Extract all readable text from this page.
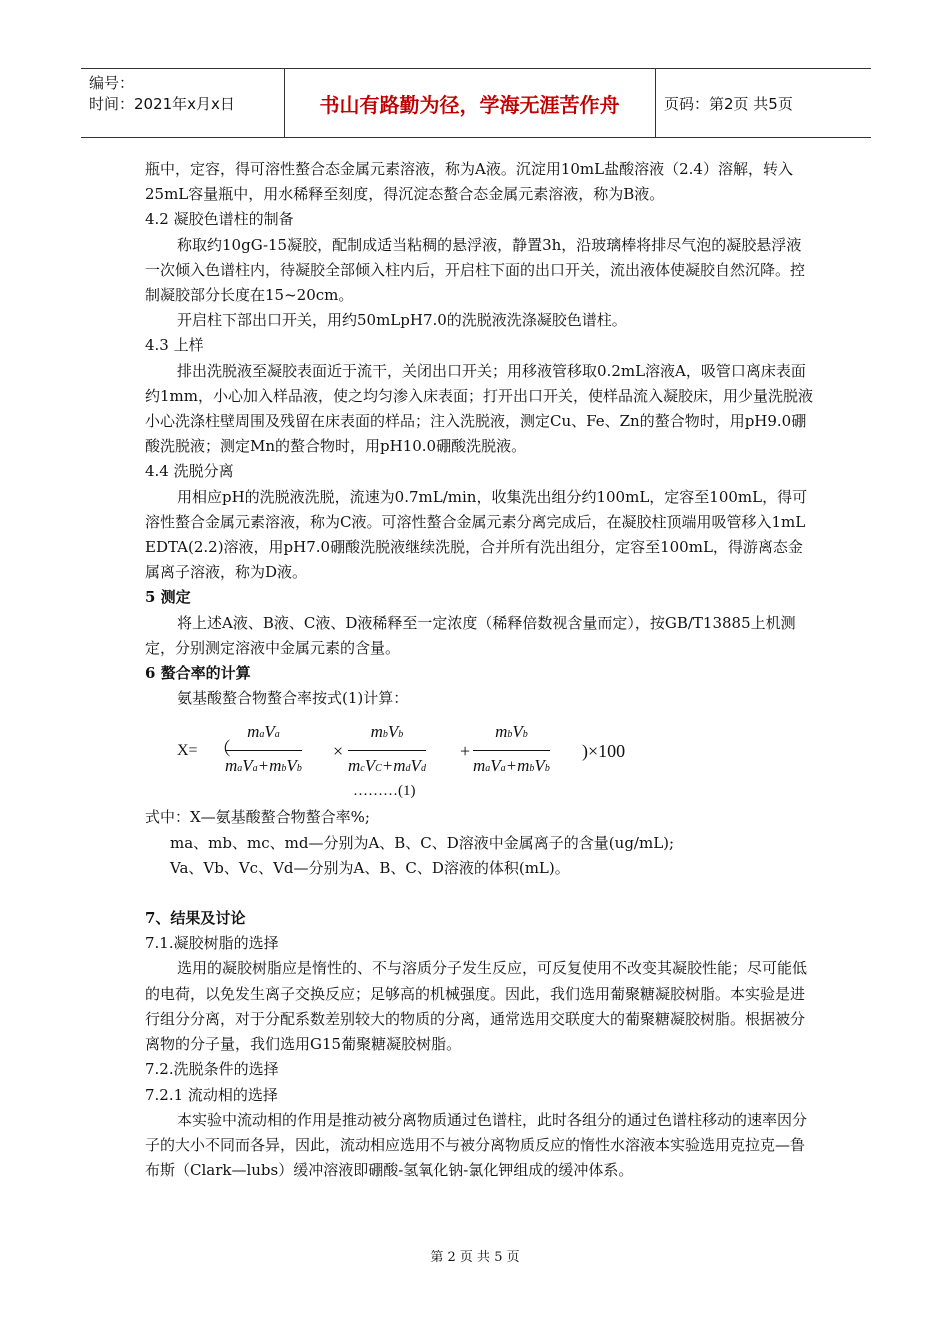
编号：
时间：2021年x月x日	书山有路勤为径，学海无涯苦作舟	页码：第2页 共5页

瓶中，定容，得可溶性螯合态金属元素溶液，称为A液。沉淀用10mL盐酸溶液（2.4）溶解，转入25mL容量瓶中，用水稀释至刻度，得沉淀态螯合态金属元素溶液，称为B液。

4.2 凝胶色谱柱的制备

称取约10gG-15凝胶，配制成适当粘稠的悬浮液，静置3h，沿玻璃棒将排尽气泡的凝胶悬浮液一次倾入色谱柱内，待凝胶全部倾入柱内后，开启柱下面的出口开关，流出液体使凝胶自然沉降。控制凝胶部分长度在15~20cm。

开启柱下部出口开关，用约50mLpH7.0的洗脱液洗涤凝胶色谱柱。

4.3 上样

排出洗脱液至凝胶表面近于流干，关闭出口开关；用移液管移取0.2mL溶液A，吸管口离床表面约1mm，小心加入样品液，使之均匀渗入床表面；打开出口开关，使样品流入凝胶床，用少量洗脱液小心洗涤柱壁周围及残留在床表面的样品；注入洗脱液，测定Cu、Fe、Zn的螯合物时，用pH9.0硼酸洗脱液；测定Mn的螯合物时，用pH10.0硼酸洗脱液。

4.4 洗脱分离

用相应pH的洗脱液洗脱，流速为0.7mL/min，收集洗出组分约100mL，定容至100mL，得可溶性螯合金属元素溶液，称为C液。可溶性螯合金属元素分离完成后，在凝胶柱顶端用吸管移入1mL EDTA(2.2)溶液，用pH7.0硼酸洗脱液继续洗脱，合并所有洗出组分，定容至100mL，得游离态金属离子溶液，称为D液。

5 测定

将上述A液、B液、C液、D液稀释至一定浓度（稀释倍数视含量而定），按GB/T13885上机测定，分别测定溶液中金属元素的含量。

6 螯合率的计算

氨基酸螯合物螯合率按式(1)计算：

X= （
maVa
maVa+mbVb
×
mbVb
mcVC+mdVd
+
mbVb
maVa+mbVb
)×100
………(1)

式中：X—氨基酸螯合物螯合率%;

ma、mb、mc、md—分别为A、B、C、D溶液中金属离子的含量(ug/mL);

Va、Vb、Vc、Vd—分别为A、B、C、D溶液的体积(mL)。

7、结果及讨论

7.1.凝胶树脂的选择

选用的凝胶树脂应是惰性的、不与溶质分子发生反应，可反复使用不改变其凝胶性能；尽可能低的电荷，以免发生离子交换反应；足够高的机械强度。因此，我们选用葡聚糖凝胶树脂。本实验是进行组分分离，对于分配系数差别较大的物质的分离，通常选用交联度大的葡聚糖凝胶树脂。根据被分离物的分子量，我们选用G15葡聚糖凝胶树脂。

7.2.洗脱条件的选择

7.2.1 流动相的选择

本实验中流动相的作用是推动被分离物质通过色谱柱，此时各组分的通过色谱柱移动的速率因分子的大小不同而各异，因此，流动相应选用不与被分离物质反应的惰性水溶液本实验选用克拉克—鲁布斯（Clark—lubs）缓冲溶液即硼酸-氢氧化钠-氯化钾组成的缓冲体系。

第 2 页 共 5 页
